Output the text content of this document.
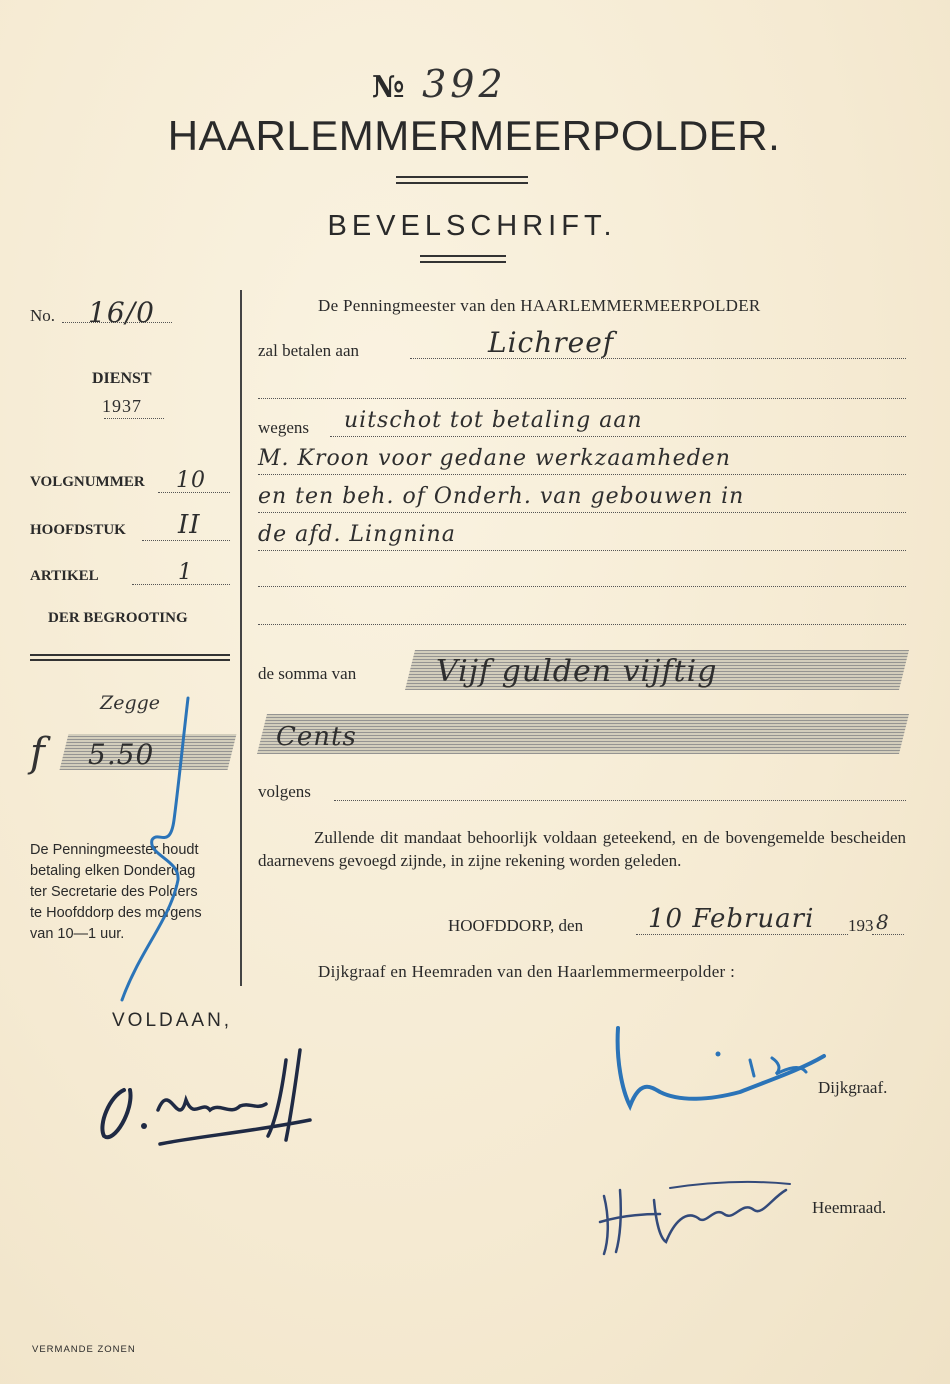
№ 392
HAARLEMMERMEERPOLDER.
BEVELSCHRIFT.
No. 16/0
DIENST
1937
VOLGNUMMER 10
HOOFDSTUK II
ARTIKEL	1
DER BEGROOTING
Zegge
f 5.50
De Penningmeester houdt
betaling elken Donderdag
ter Secretarie des Polders
te Hoofddorp des morgens
van 10—1 uur.
VOLDAAN,
De Penningmeester van den HAARLEMMERMEERPOLDER
zal betalen aan	Lichreef
wegens uitschot tot betaling aan
M. Kroon voor gedane werkzaamheden
en ten beh. of Onderh. van gebouwen in
de afd. Lingnina
de somma van	Vijf gulden vijftig
Cents
volgens
Zullende dit mandaat behoorlijk voldaan geteekend, en de bovengemelde bescheiden daarnevens gevoegd zijnde, in zijne rekening worden geleden.
HOOFDDORP, den 10 Februari 193 8
Dijkgraaf en Heemraden van den Haarlemmermeerpolder :
Dijkgraaf.
Heemraad.
VERMANDE ZONEN
